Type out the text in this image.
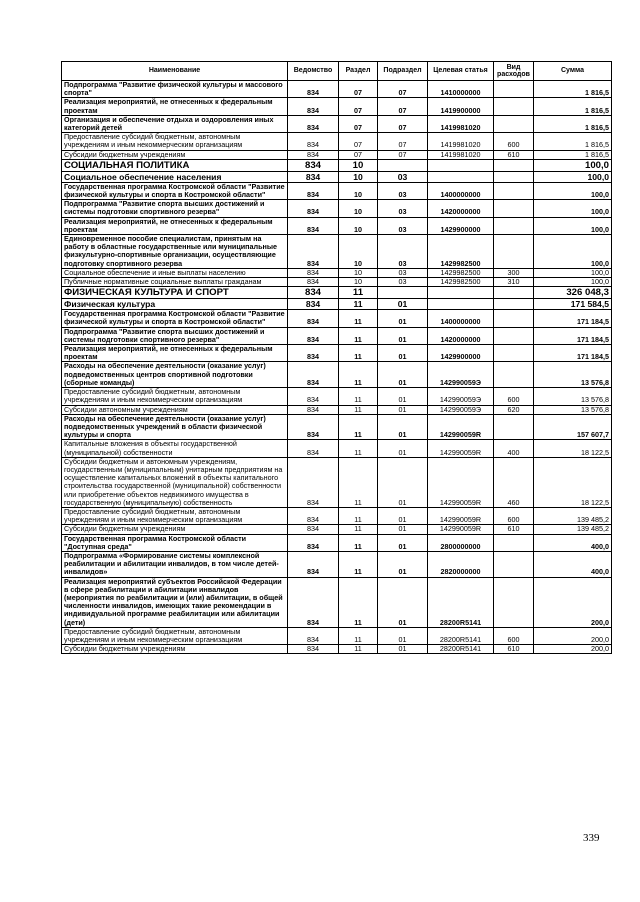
Наименование	Ведомство	Раздел	Подраздел	Целевая статья	Вид расходов	Сумма
Подпрограмма "Развитие физической культуры и массового спорта"	834	07	07	1410000000		1 816,5
Реализация мероприятий, не отнесенных к федеральным проектам	834	07	07	1419900000		1 816,5
Организация и обеспечение отдыха и оздоровления иных категорий детей	834	07	07	1419981020		1 816,5
Предоставление субсидий бюджетным, автономным учреждениям и иным некоммерческим организациям	834	07	07	1419981020	600	1 816,5
Субсидии бюджетным учреждениям	834	07	07	1419981020	610	1 816,5
СОЦИАЛЬНАЯ ПОЛИТИКА	834	10				100,0
Социальное обеспечение населения	834	10	03			100,0
Государственная программа Костромской области "Развитие физической культуры и спорта в Костромской области"	834	10	03	1400000000		100,0
Подпрограмма "Развитие спорта высших достижений и системы подготовки спортивного резерва"	834	10	03	1420000000		100,0
Реализация мероприятий, не отнесенных к федеральным проектам	834	10	03	1429900000		100,0
Единовременное пособие специалистам, принятым на работу в областные государственные или муниципальные физкультурно-спортивные организации, осуществляющие подготовку спортивного резерва	834	10	03	1429982500		100,0
Социальное обеспечение и иные выплаты населению	834	10	03	1429982500	300	100,0
Публичные нормативные социальные выплаты гражданам	834	10	03	1429982500	310	100,0
ФИЗИЧЕСКАЯ КУЛЬТУРА И СПОРТ	834	11				326 048,3
Физическая культура	834	11	01			171 584,5
Государственная программа Костромской области "Развитие физической культуры и спорта в Костромской области"	834	11	01	1400000000		171 184,5
Подпрограмма "Развитие спорта высших достижений и системы подготовки спортивного резерва"	834	11	01	1420000000		171 184,5
Реализация мероприятий, не отнесенных к федеральным проектам	834	11	01	1429900000		171 184,5
Расходы на обеспечение деятельности (оказание услуг) подведомственных центров спортивной подготовки (сборные команды)	834	11	01	142990059Э		13 576,8
Предоставление субсидий бюджетным, автономным учреждениям и иным некоммерческим организациям	834	11	01	142990059Э	600	13 576,8
Субсидии автономным учреждениям	834	11	01	142990059Э	620	13 576,8
Расходы на обеспечение деятельности (оказание услуг) подведомственных учреждений в области физической культуры и спорта	834	11	01	142990059R		157 607,7
Капитальные вложения в объекты государственной (муниципальной) собственности	834	11	01	142990059R	400	18 122,5
Субсидии бюджетным и автономным учреждениям, государственным (муниципальным) унитарным предприятиям на осуществление капитальных вложений в объекты капитального строительства государственной (муниципальной) собственности или приобретение объектов недвижимого имущества в государственную (муниципальную) собственность	834	11	01	142990059R	460	18 122,5
Предоставление субсидий бюджетным, автономным учреждениям и иным некоммерческим организациям	834	11	01	142990059R	600	139 485,2
Субсидии бюджетным учреждениям	834	11	01	142990059R	610	139 485,2
Государственная программа Костромской области "Доступная среда"	834	11	01	2800000000		400,0
Подпрограмма «Формирование системы комплексной реабилитации и абилитации инвалидов, в том числе детей-инвалидов»	834	11	01	2820000000		400,0
Реализация мероприятий субъектов Российской Федерации в сфере реабилитации и абилитации инвалидов (мероприятия по реабилитации и (или) абилитации, в общей численности инвалидов, имеющих такие рекомендации в индивидуальной программе реабилитации или абилитации (дети)	834	11	01	28200R5141		200,0
Предоставление субсидий бюджетным, автономным учреждениям и иным некоммерческим организациям	834	11	01	28200R5141	600	200,0
Субсидии бюджетным учреждениям	834	11	01	28200R5141	610	200,0
339
